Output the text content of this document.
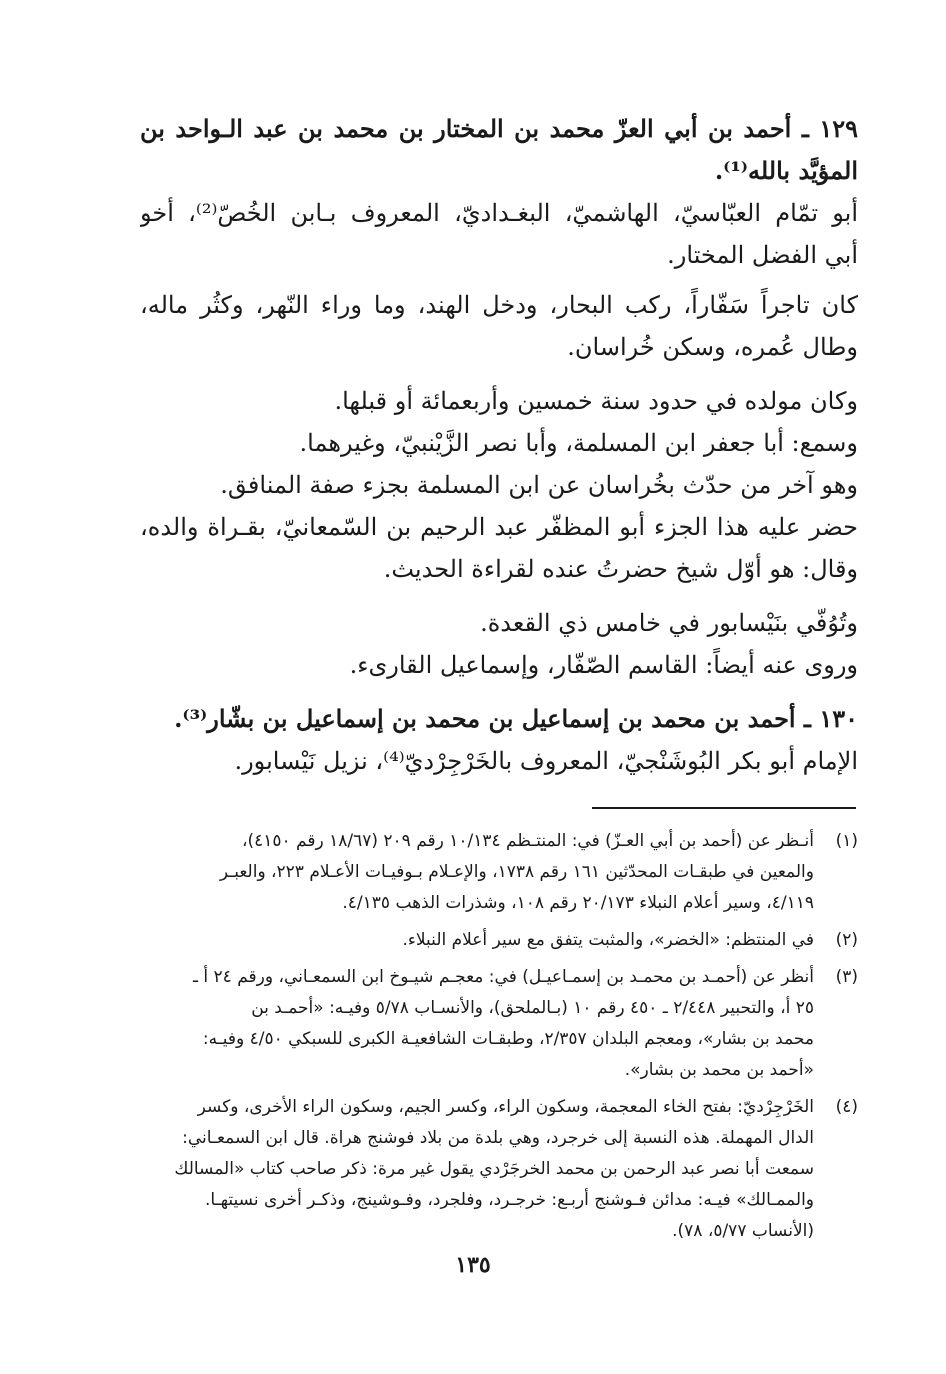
١٢٩ ـ أحمد بن أبي العزّ محمد بن المختار بن محمد بن عبد الـواحد بن
المؤيَّد بالله⁽¹⁾.
أبو تمّام العبّاسيّ، الهاشميّ، البغـداديّ، المعروف بـابن الخُصّ⁽²⁾، أخو
أبي الفضل المختار.
كان تاجراً سَفّاراً، ركب البحار، ودخل الهند، وما وراء النّهر، وكثُر ماله،
وطال عُمره، وسكن خُراسان.
وكان مولده في حدود سنة خمسين وأربعمائة أو قبلها.
وسمع: أبا جعفر ابن المسلمة، وأبا نصر الزَّيْنبيّ، وغيرهما.
وهو آخر من حدّث بخُراسان عن ابن المسلمة بجزء صفة المنافق.
حضر عليه هذا الجزء أبو المظفّر عبد الرحيم بن السّمعانيّ، بقـراة والده،
وقال: هو أوّل شيخ حضرتُ عنده لقراءة الحديث.
وتُوُفّي بنَيْسابور في خامس ذي القعدة.
وروى عنه أيضاً: القاسم الصّفّار، وإسماعيل القارىء.
١٣٠ ـ أحمد بن محمد بن إسماعيل بن محمد بن إسماعيل بن بشّار⁽³⁾.
الإمام أبو بكر البُوشَنْجيّ، المعروف بالخَرْجِرْديّ⁽⁴⁾، نزيل نَيْسابور.
(١)
أنـظر عن (أحمد بن أبي العـزّ) في: المنتـظم ١٠/١٣٤ رقم ٢٠٩ (١٨/٦٧ رقم ٤١٥٠)،
والمعين في طبقـات المحدّثين ١٦١ رقم ١٧٣٨، والإعـلام بـوفيـات الأعـلام ٢٢٣، والعبـر
٤/١١٩، وسير أعلام النبلاء ٢٠/١٧٣ رقم ١٠٨، وشذرات الذهب ٤/١٣٥.
(٢)
في المنتظم: «الخضر»، والمثبت يتفق مع سير أعلام النبلاء.
(٣)
أنظر عن (أحمـد بن محمـد بن إسمـاعيـل) في: معجـم شيـوخ ابن السمعـاني، ورقم ٢٤ أ ـ
٢٥ أ، والتحبير ٢/٤٤٨ ـ ٤٥٠ رقم ١٠ (بـالملحق)، والأنسـاب ٥/٧٨ وفيـه: «أحمـد بن
محمد بن بشار»، ومعجم البلدان ٢/٣٥٧، وطبقـات الشافعيـة الكبرى للسبكي ٤/٥٠ وفيـه:
«أحمد بن محمد بن بشار».
(٤)
الخَرْجِرْديّ: بفتح الخاء المعجمة، وسكون الراء، وكسر الجيم، وسكون الراء الأخرى، وكسر
الدال المهملة. هذه النسبة إلى خرجرد، وهي بلدة من بلاد فوشنج هراة. قال ابن السمعـاني:
سمعت أبا نصر عبد الرحمن بن محمد الخرجَرْدي يقول غير مرة: ذكر صاحب كتاب «المسالك
والممـالك» فيـه: مدائن فـوشنج أربـع: خرجـرد، وفلجرد، وفـوشينج، وذكـر أخرى نسيتهـا.
(الأنساب ٥/٧٧، ٧٨).
١٣٥
